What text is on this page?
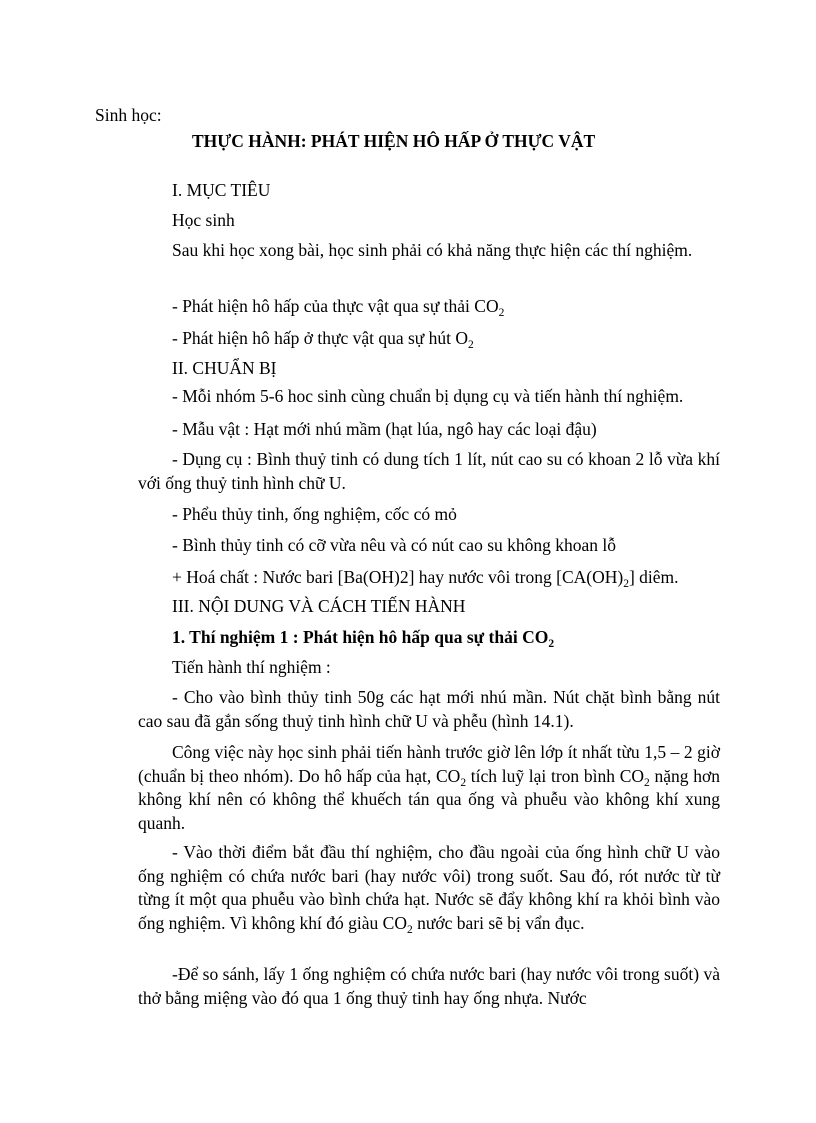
Sinh học:
THỰC HÀNH: PHÁT HIỆN HÔ HẤP Ở THỰC VẬT
I. MỤC TIÊU
Học sinh
Sau khi học xong bài, học sinh phải có khả năng thực hiện các thí nghiệm.
- Phát hiện hô hấp của thực vật qua sự thải $CO_2$
- Phát hiện hô hấp ở thực vật qua sự hút $O_2$
II. CHUẨN BỊ
- Mỗi nhóm 5-6 hoc sinh cùng chuẩn bị dụng cụ và tiến hành thí nghiệm.
- Mẫu vật : Hạt mới nhú mầm (hạt lúa, ngô hay các loại đậu)
- Dụng cụ : Bình thuỷ tinh có dung tích 1 lít, nút cao su có khoan 2 lỗ vừa khí với ống thuỷ tinh hình chữ U.
- Phểu thủy tinh, ống nghiệm, cốc có mỏ
- Bình thủy tinh có cỡ vừa nêu và có nút cao su không khoan lỗ
+ Hoá chất : Nước bari [Ba(OH)2] hay nước vôi trong $[CA(OH)_2]$ diêm.
III. NỘI DUNG VÀ CÁCH TIẾN HÀNH
1. Thí nghiệm 1 : Phát hiện hô hấp qua sự thải $CO_2$
Tiến hành thí nghiệm :
- Cho vào bình thủy tinh 50g các hạt mới nhú mần. Nút chặt bình bằng nút cao sau đã gắn sống thuỷ tinh hình chữ U và phễu (hình 14.1).
Công việc này học sinh phải tiến hành trước giờ lên lớp ít nhất từu 1,5 – 2 giờ (chuẩn bị theo nhóm). Do hô hấp của hạt, $CO_2$ tích luỹ lại tron bình $CO_2$ nặng hơn không khí nên có không thể khuếch tán qua ống và phuễu vào không khí xung quanh.
- Vào thời điểm bắt đầu thí nghiệm, cho đầu ngoài của ống hình chữ U vào ống nghiệm có chứa nước bari (hay nước vôi) trong suốt. Sau đó, rót nước từ từ từng ít một qua phuễu vào bình chứa hạt. Nước sẽ đẩy không khí ra khỏi bình vào ống nghiệm. Vì không khí đó giàu $CO_2$ nước bari sẽ bị vẩn đục.
-Để so sánh, lấy 1 ống nghiệm có chứa nước bari (hay nước vôi trong suốt) và thở bằng miệng vào đó qua 1 ống thuỷ tinh hay ống nhựa. Nước
